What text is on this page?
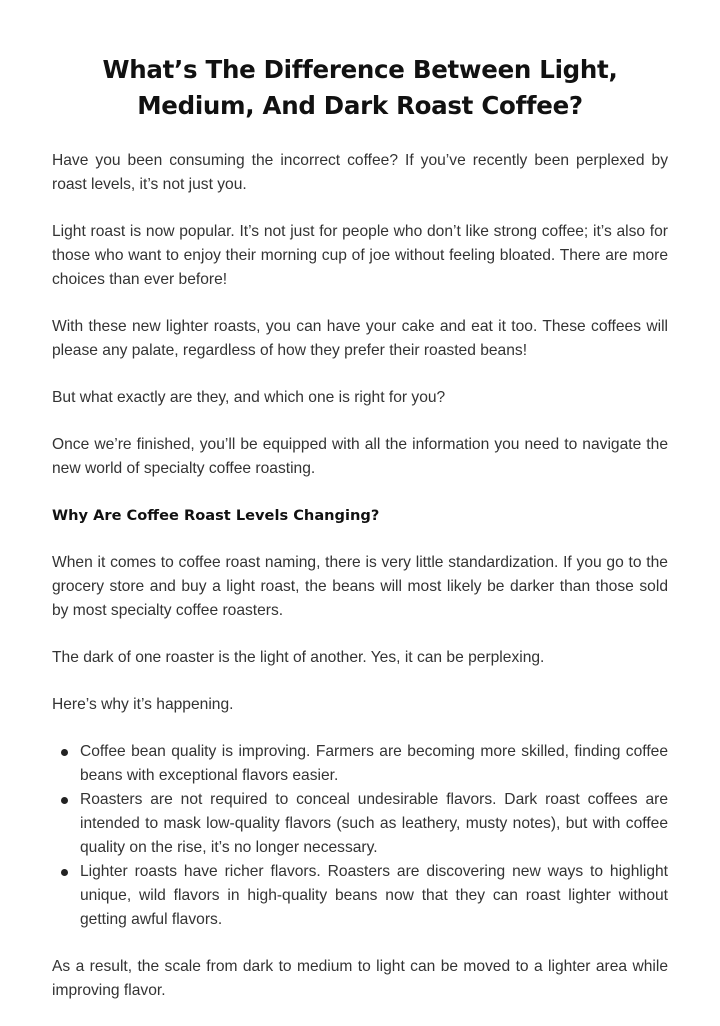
What’s The Difference Between Light, Medium, And Dark Roast Coffee?

Have you been consuming the incorrect coffee? If you’ve recently been perplexed by roast levels, it’s not just you.

Light roast is now popular. It’s not just for people who don’t like strong coffee; it’s also for those who want to enjoy their morning cup of joe without feeling bloated. There are more choices than ever before!

With these new lighter roasts, you can have your cake and eat it too. These coffees will please any palate, regardless of how they prefer their roasted beans!

But what exactly are they, and which one is right for you?

Once we’re finished, you’ll be equipped with all the information you need to navigate the new world of specialty coffee roasting.

Why Are Coffee Roast Levels Changing?

When it comes to coffee roast naming, there is very little standardization. If you go to the grocery store and buy a light roast, the beans will most likely be darker than those sold by most specialty coffee roasters.

The dark of one roaster is the light of another. Yes, it can be perplexing.

Here’s why it’s happening.

Coffee bean quality is improving. Farmers are becoming more skilled, finding coffee beans with exceptional flavors easier.
Roasters are not required to conceal undesirable flavors. Dark roast coffees are intended to mask low-quality flavors (such as leathery, musty notes), but with coffee quality on the rise, it’s no longer necessary.
Lighter roasts have richer flavors. Roasters are discovering new ways to highlight unique, wild flavors in high-quality beans now that they can roast lighter without getting awful flavors.

As a result, the scale from dark to medium to light can be moved to a lighter area while improving flavor.
